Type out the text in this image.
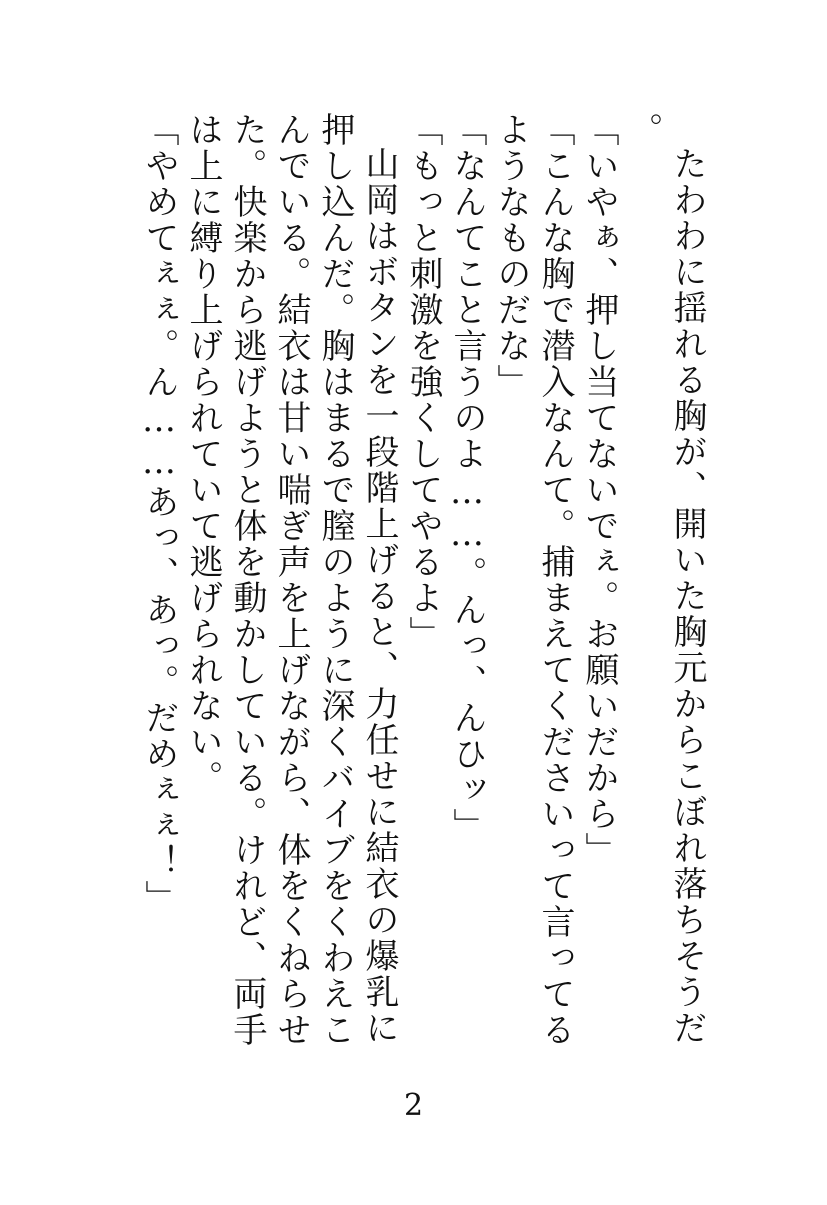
たわわに揺れる胸が、開いた胸元からこぼれ落ちそうだ。

「いやぁ、押し当てないでぇ。お願いだから」

「こんな胸で潜入なんて。捕まえてくださいって言ってるようなものだな」

「なんてこと言うのよ……。んっ、んひッ」

「もっと刺激を強くしてやるよ」

山岡はボタンを一段階上げると、力任せに結衣の爆乳に押し込んだ。胸はまるで膣のように深くバイブをくわえこんでいる。結衣は甘い喘ぎ声を上げながら、体をくねらせた。快楽から逃げようと体を動かしている。けれど、両手は上に縛り上げられていて逃げられない。

「やめてぇぇ。ん……あっ、あっ。だめぇぇ！」

2
